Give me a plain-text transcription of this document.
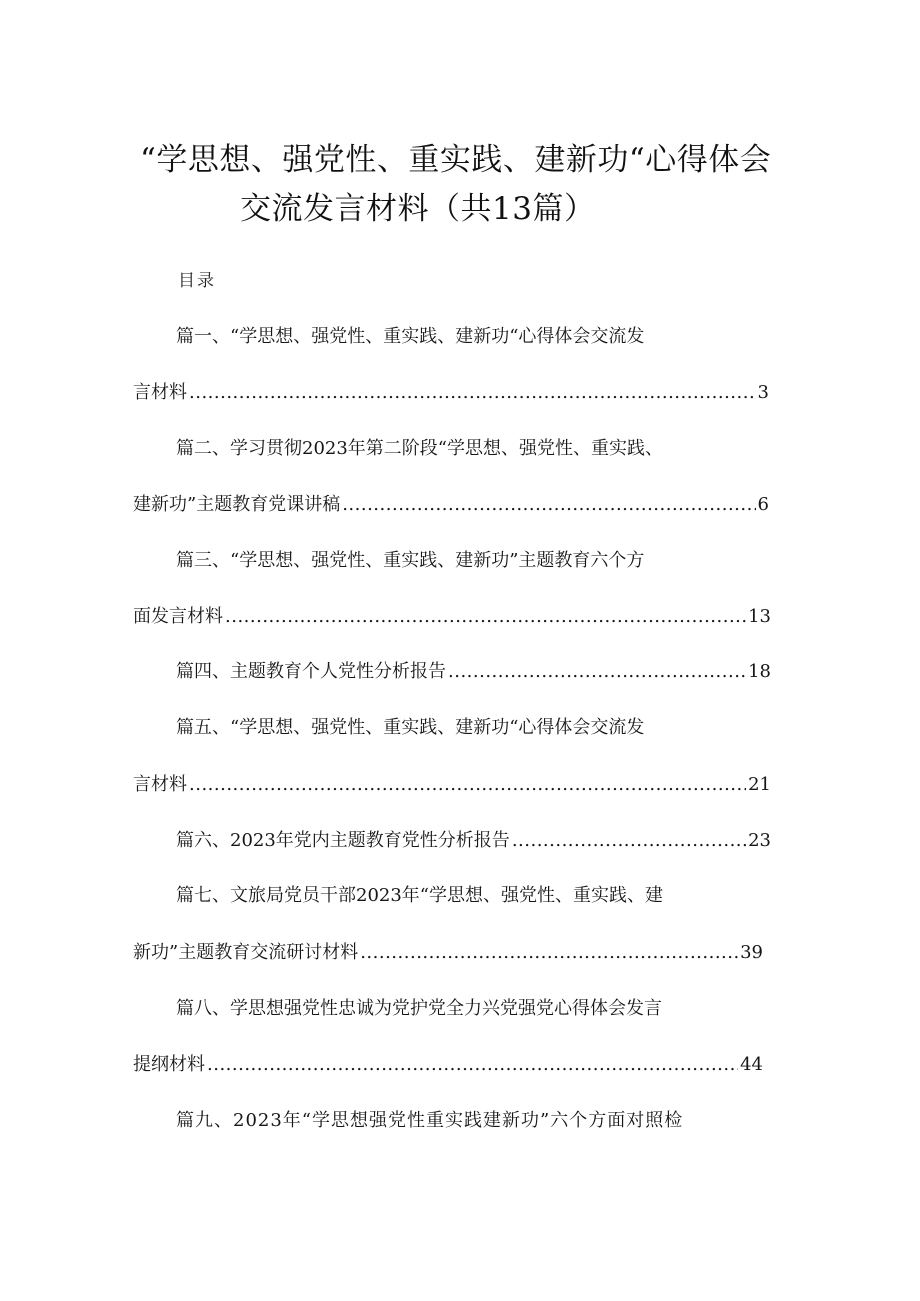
“学思想、强党性、重实践、建新功“心得体会
交流发言材料（共13篇）
目录
篇一、“学思想、强党性、重实践、建新功“心得体会交流发
言材料 .....	3
篇二、学习贯彻2023年第二阶段“学思想、强党性、重实践、
建新功”主题教育党课讲稿 .....	6
篇三、“学思想、强党性、重实践、建新功”主题教育六个方
面发言材料 .....	13
篇四、主题教育个人党性分析报告 .....	18
篇五、“学思想、强党性、重实践、建新功“心得体会交流发
言材料 .....	21
篇六、2023年党内主题教育党性分析报告 .....	23
篇七、文旅局党员干部2023年“学思想、强党性、重实践、建
新功”主题教育交流研讨材料 .....	39
篇八、学思想强党性忠诚为党护党全力兴党强党心得体会发言
提纲材料 .....	44
篇九、2023年“学思想强党性重实践建新功”六个方面对照检
